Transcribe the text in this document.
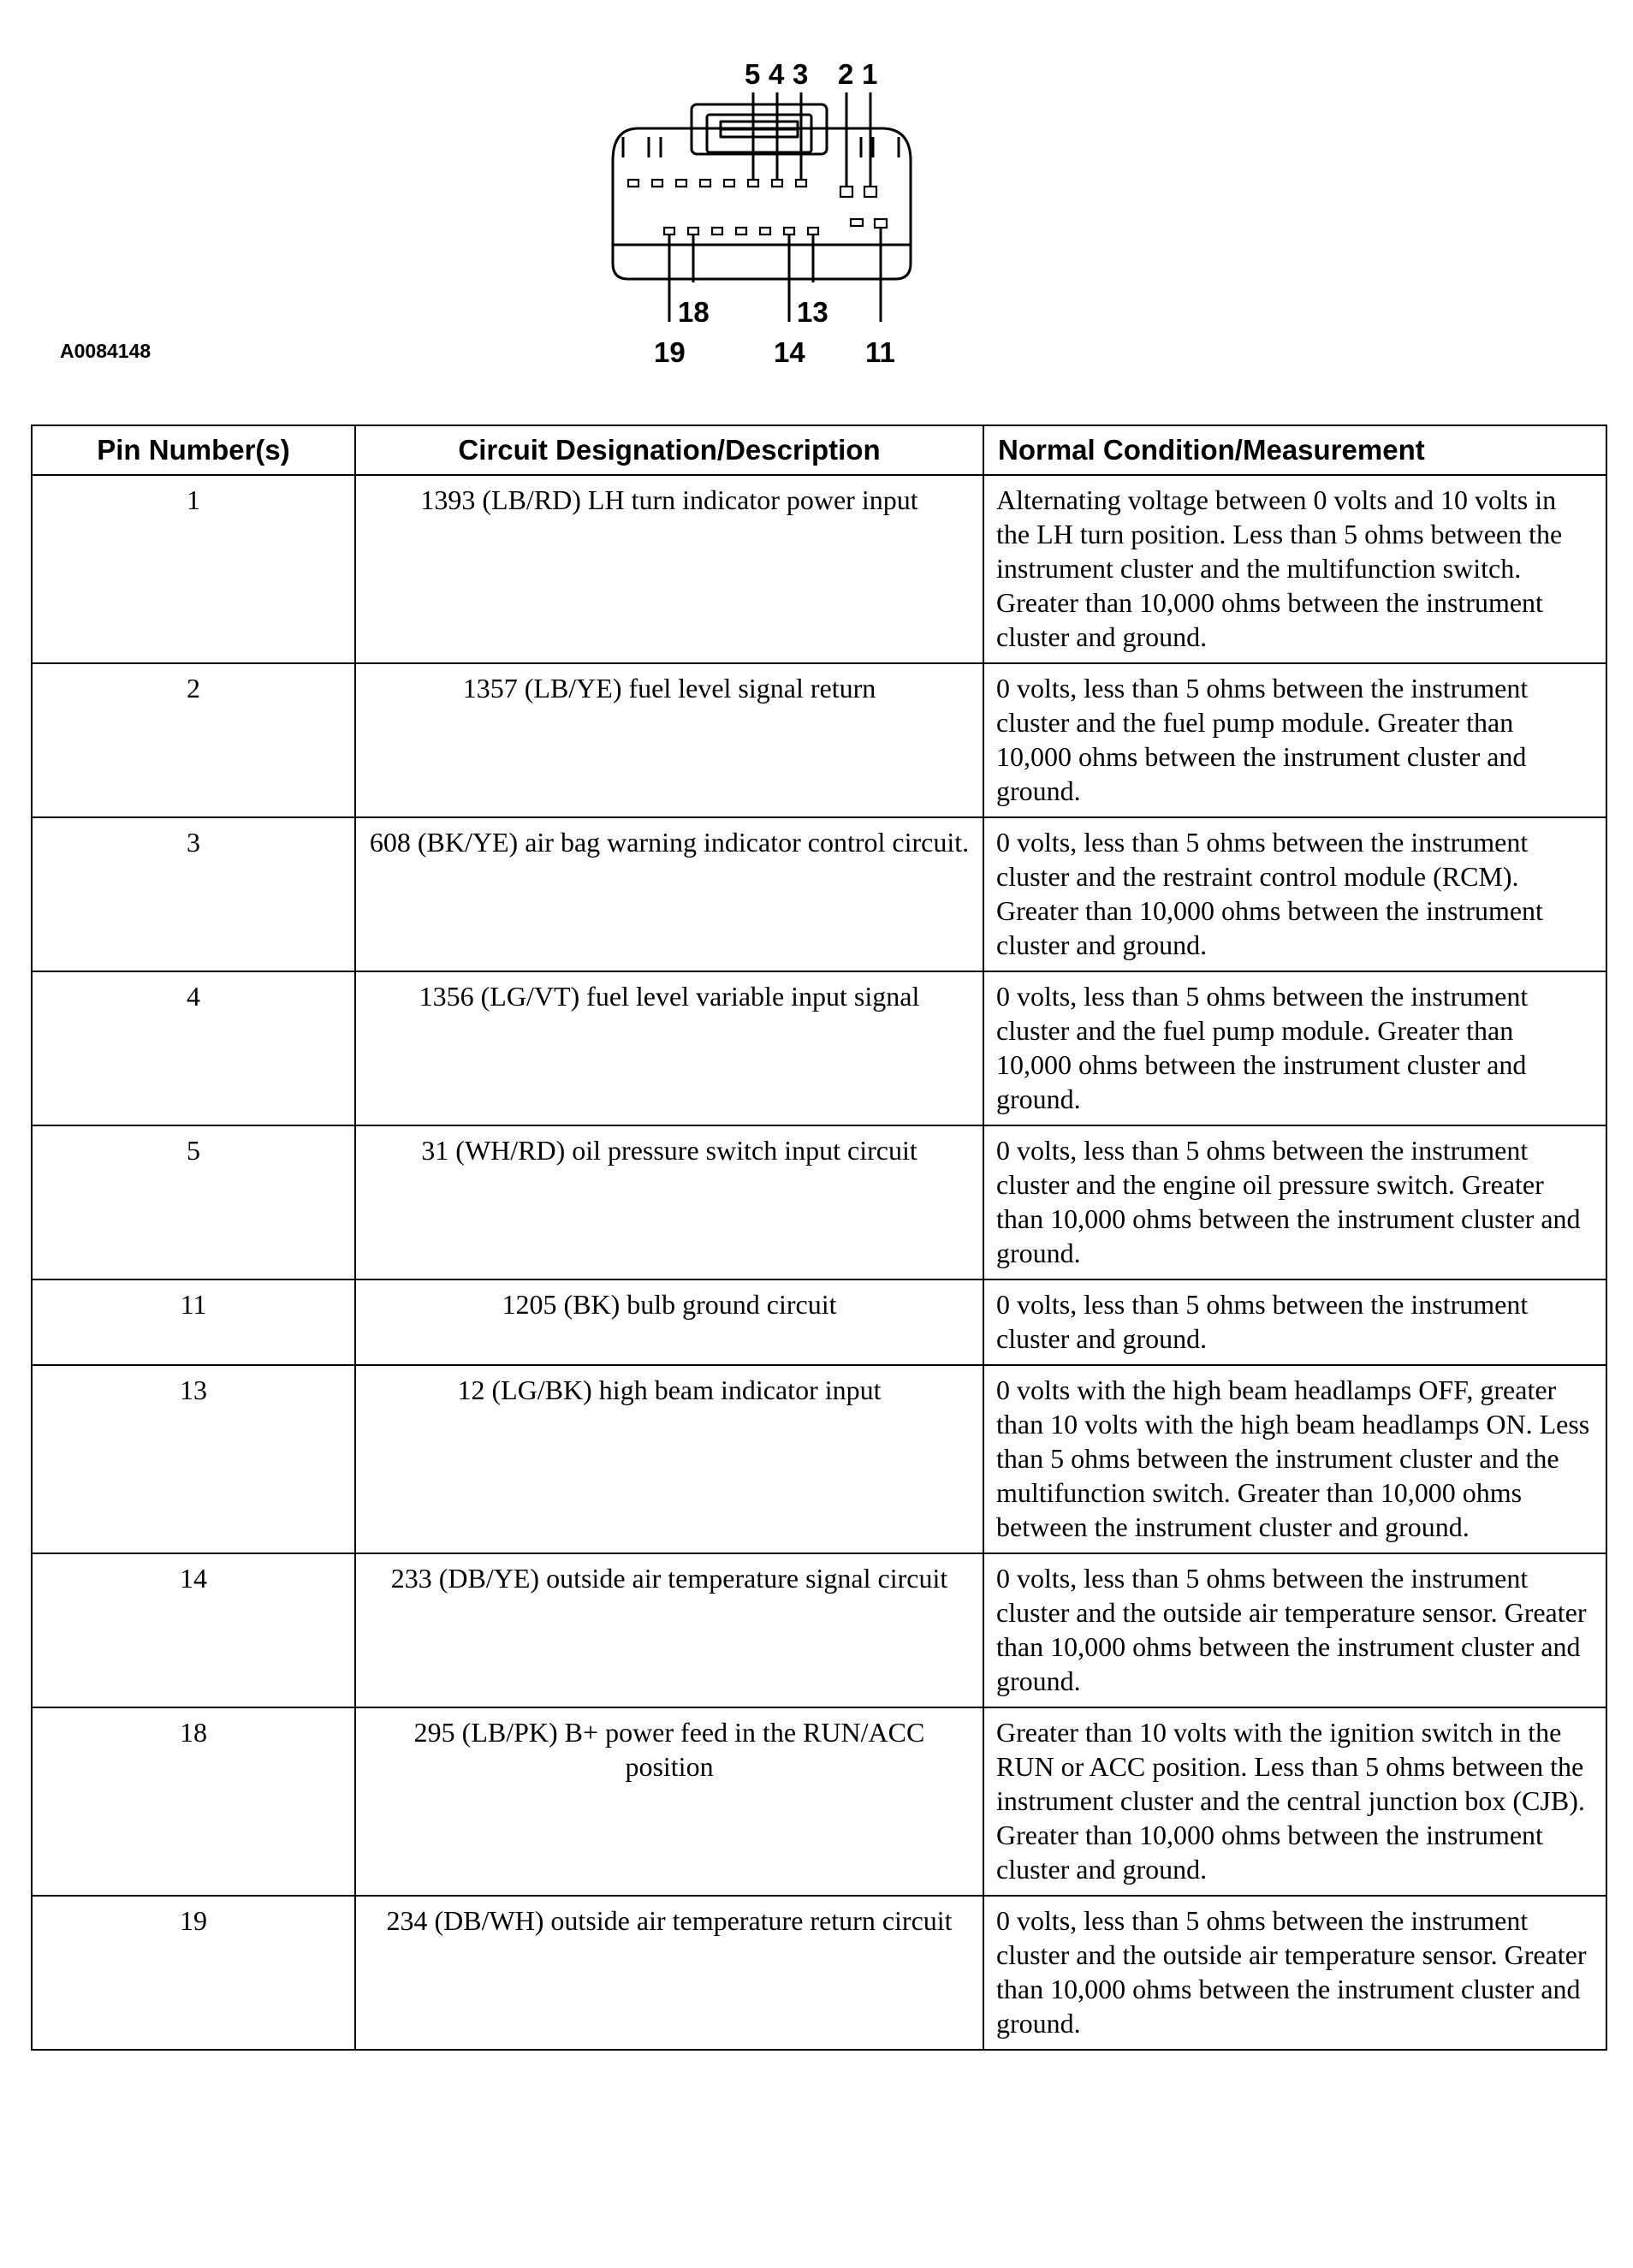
5 4 3 2 1
18	13
19	14 11
A0084148
Pin Number(s)	Circuit Designation/Description	Normal Condition/Measurement
1	1393 (LB/RD) LH turn indicator power input	Alternating voltage between 0 volts and 10 volts in the LH turn position. Less than 5 ohms between the instrument cluster and the multifunction switch. Greater than 10,000 ohms between the instrument cluster and ground.
2	1357 (LB/YE) fuel level signal return	0 volts, less than 5 ohms between the instrument cluster and the fuel pump module. Greater than 10,000 ohms between the instrument cluster and ground.
3	608 (BK/YE) air bag warning indicator control circuit.	0 volts, less than 5 ohms between the instrument cluster and the restraint control module (RCM). Greater than 10,000 ohms between the instrument cluster and ground.
4	1356 (LG/VT) fuel level variable input signal	0 volts, less than 5 ohms between the instrument cluster and the fuel pump module. Greater than 10,000 ohms between the instrument cluster and ground.
5	31 (WH/RD) oil pressure switch input circuit	0 volts, less than 5 ohms between the instrument cluster and the engine oil pressure switch. Greater than 10,000 ohms between the instrument cluster and ground.
11	1205 (BK) bulb ground circuit	0 volts, less than 5 ohms between the instrument cluster and ground.
13	12 (LG/BK) high beam indicator input	0 volts with the high beam headlamps OFF, greater than 10 volts with the high beam headlamps ON. Less than 5 ohms between the instrument cluster and the multifunction switch. Greater than 10,000 ohms between the instrument cluster and ground.
14	233 (DB/YE) outside air temperature signal circuit	0 volts, less than 5 ohms between the instrument cluster and the outside air temperature sensor. Greater than 10,000 ohms between the instrument cluster and ground.
18	295 (LB/PK) B+ power feed in the RUN/ACC position	Greater than 10 volts with the ignition switch in the RUN or ACC position. Less than 5 ohms between the instrument cluster and the central junction box (CJB). Greater than 10,000 ohms between the instrument cluster and ground.
19	234 (DB/WH) outside air temperature return circuit	0 volts, less than 5 ohms between the instrument cluster and the outside air temperature sensor. Greater than 10,000 ohms between the instrument cluster and ground.
